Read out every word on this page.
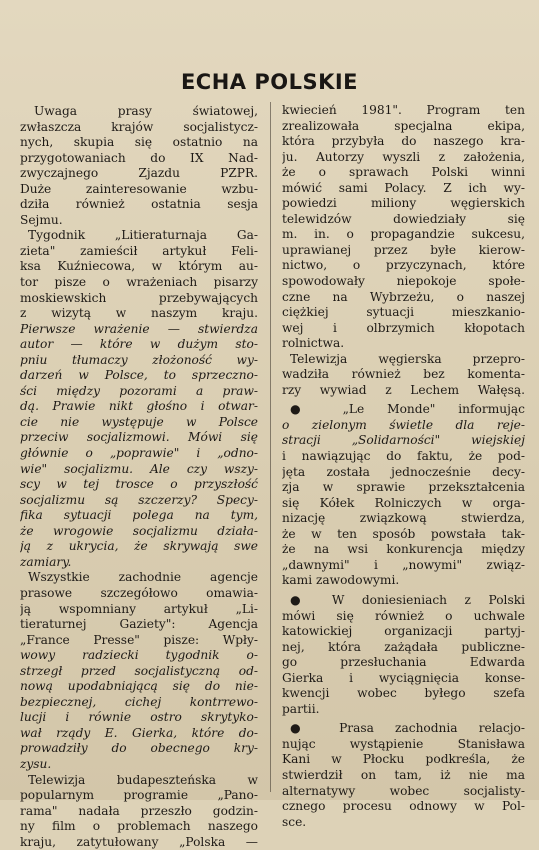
ECHA POLSKIE
Uwaga prasy światowej,
zwłaszcza krajów socjalistycz-
nych, skupia się ostatnio na
przygotowaniach do IX Nad-
zwyczajnego Zjazdu PZPR.
Duże zainteresowanie wzbu-
dziła również ostatnia sesja
Sejmu.
Tygodnik „Litieraturnaja Ga-
zieta" zamieścił artykuł Feli-
ksa Kuźniecowa, w którym au-
tor pisze o wrażeniach pisarzy
moskiewskich przebywających
z wizytą w naszym kraju.
Pierwsze wrażenie — stwierdza
autor — które w dużym sto-
pniu tłumaczy złożoność wy-
darzeń w Polsce, to sprzeczno-
ści między pozorami a praw-
dą. Prawie nikt głośno i otwar-
cie nie występuje w Polsce
przeciw socjalizmowi. Mówi się
głównie o „poprawie" i „odno-
wie" socjalizmu. Ale czy wszy-
scy w tej trosce o przyszłość
socjalizmu są szczerzy? Specy-
fika sytuacji polega na tym,
że wrogowie socjalizmu działa-
ją z ukrycia, że skrywają swe
zamiary.
Wszystkie zachodnie agencje
prasowe szczegółowo omawia-
ją wspomniany artykuł „Li-
tieraturnej Gaziety": Agencja
„France Presse" pisze: Wpły-
wowy radziecki tygodnik o-
strzegł przed socjalistyczną od-
nową upodabniającą się do nie-
bezpiecznej, cichej kontrrewo-
lucji i równie ostro skrytyko-
wał rządy E. Gierka, które do-
prowadziły do obecnego kry-
zysu.
Telewizja budapeszteńska w
popularnym programie „Pano-
rama" nadała przeszło godzin-
ny film o problemach naszego
kraju, zatytułowany „Polska —
kwiecień 1981". Program ten
zrealizowała specjalna ekipa,
która przybyła do naszego kra-
ju. Autorzy wyszli z założenia,
że o sprawach Polski winni
mówić sami Polacy. Z ich wy-
powiedzi miliony węgierskich
telewidzów dowiedziały się
m. in. o propagandzie sukcesu,
uprawianej przez byłe kierow-
nictwo, o przyczynach, które
spowodowały niepokoje społe-
czne na Wybrzeżu, o naszej
ciężkiej sytuacji mieszkanio-
wej i olbrzymich kłopotach
rolnictwa.
Telewizja węgierska przepro-
wadziła również bez komenta-
rzy wywiad z Lechem Wałęsą.
● „Le Monde" informując
o zielonym świetle dla reje-
stracji „Solidarności" wiejskiej
i nawiązując do faktu, że pod-
jęta została jednocześnie decy-
zja w sprawie przekształcenia
się Kółek Rolniczych w orga-
nizację związkową stwierdza,
że w ten sposób powstała tak-
że na wsi konkurencja między
„dawnymi" i „nowymi" związ-
kami zawodowymi.
● W doniesieniach z Polski
mówi się również o uchwale
katowickiej organizacji partyj-
nej, która zażądała publiczne-
go przesłuchania Edwarda
Gierka i wyciągnięcia konse-
kwencji wobec byłego szefa
partii.
● Prasa zachodnia relacjo-
nując wystąpienie Stanisława
Kani w Płocku podkreśla, że
stwierdził on tam, iż nie ma
alternatywy wobec socjalisty-
cznego procesu odnowy w Pol-
sce.
